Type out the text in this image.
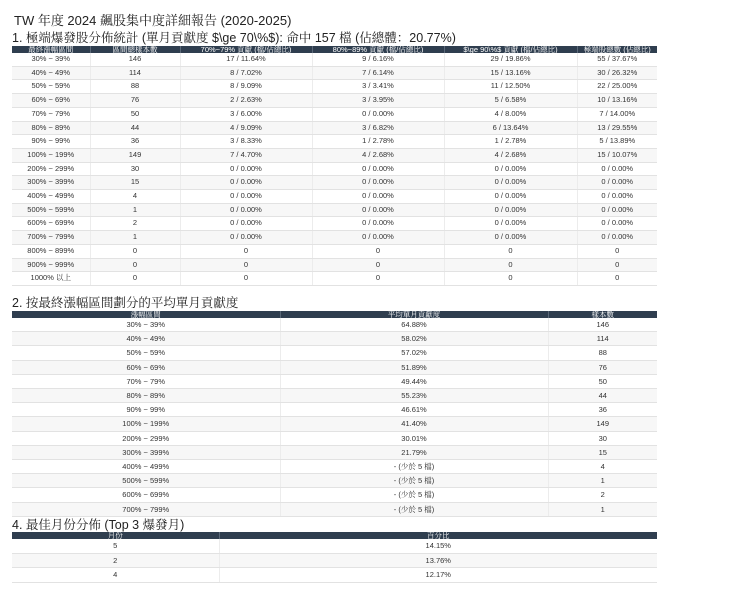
TW 年度 2024 飆股集中度詳細報告 (2020-2025)
1. 極端爆發股分佈統計 (單月貢獻度 $\ge 70\%$): 命中 157 檔 (佔總體：20.77%)
最終漲幅區間	區間總樣本數	70%~79% 貢獻 (檔/佔總比)	80%~89% 貢獻 (檔/佔總比)	$\ge 90\%$ 貢獻 (檔/佔總比)	極端股總數 (佔總比)
30% ~ 39%	146	17 / 11.64%	9 / 6.16%	29 / 19.86%	55 / 37.67%
40% ~ 49%	114	8 / 7.02%	7 / 6.14%	15 / 13.16%	30 / 26.32%
50% ~ 59%	88	8 / 9.09%	3 / 3.41%	11 / 12.50%	22 / 25.00%
60% ~ 69%	76	2 / 2.63%	3 / 3.95%	5 / 6.58%	10 / 13.16%
70% ~ 79%	50	3 / 6.00%	0 / 0.00%	4 / 8.00%	7 / 14.00%
80% ~ 89%	44	4 / 9.09%	3 / 6.82%	6 / 13.64%	13 / 29.55%
90% ~ 99%	36	3 / 8.33%	1 / 2.78%	1 / 2.78%	5 / 13.89%
100% ~ 199%	149	7 / 4.70%	4 / 2.68%	4 / 2.68%	15 / 10.07%
200% ~ 299%	30	0 / 0.00%	0 / 0.00%	0 / 0.00%	0 / 0.00%
300% ~ 399%	15	0 / 0.00%	0 / 0.00%	0 / 0.00%	0 / 0.00%
400% ~ 499%	4	0 / 0.00%	0 / 0.00%	0 / 0.00%	0 / 0.00%
500% ~ 599%	1	0 / 0.00%	0 / 0.00%	0 / 0.00%	0 / 0.00%
600% ~ 699%	2	0 / 0.00%	0 / 0.00%	0 / 0.00%	0 / 0.00%
700% ~ 799%	1	0 / 0.00%	0 / 0.00%	0 / 0.00%	0 / 0.00%
800% ~ 899%	0	0	0	0	0
900% ~ 999%	0	0	0	0	0
1000% 以上	0	0	0	0	0
2. 按最終漲幅區間劃分的平均單月貢獻度
漲幅區間	平均單月貢獻度	樣本數
30% ~ 39%	64.88%	146
40% ~ 49%	58.02%	114
50% ~ 59%	57.02%	88
60% ~ 69%	51.89%	76
70% ~ 79%	49.44%	50
80% ~ 89%	55.23%	44
90% ~ 99%	46.61%	36
100% ~ 199%	41.40%	149
200% ~ 299%	30.01%	30
300% ~ 399%	21.79%	15
400% ~ 499%	- (少於 5 檔)	4
500% ~ 599%	- (少於 5 檔)	1
600% ~ 699%	- (少於 5 檔)	2
700% ~ 799%	- (少於 5 檔)	1
4. 最佳月份分佈 (Top 3 爆發月)
月份	百分比
5	14.15%
2	13.76%
4	12.17%
